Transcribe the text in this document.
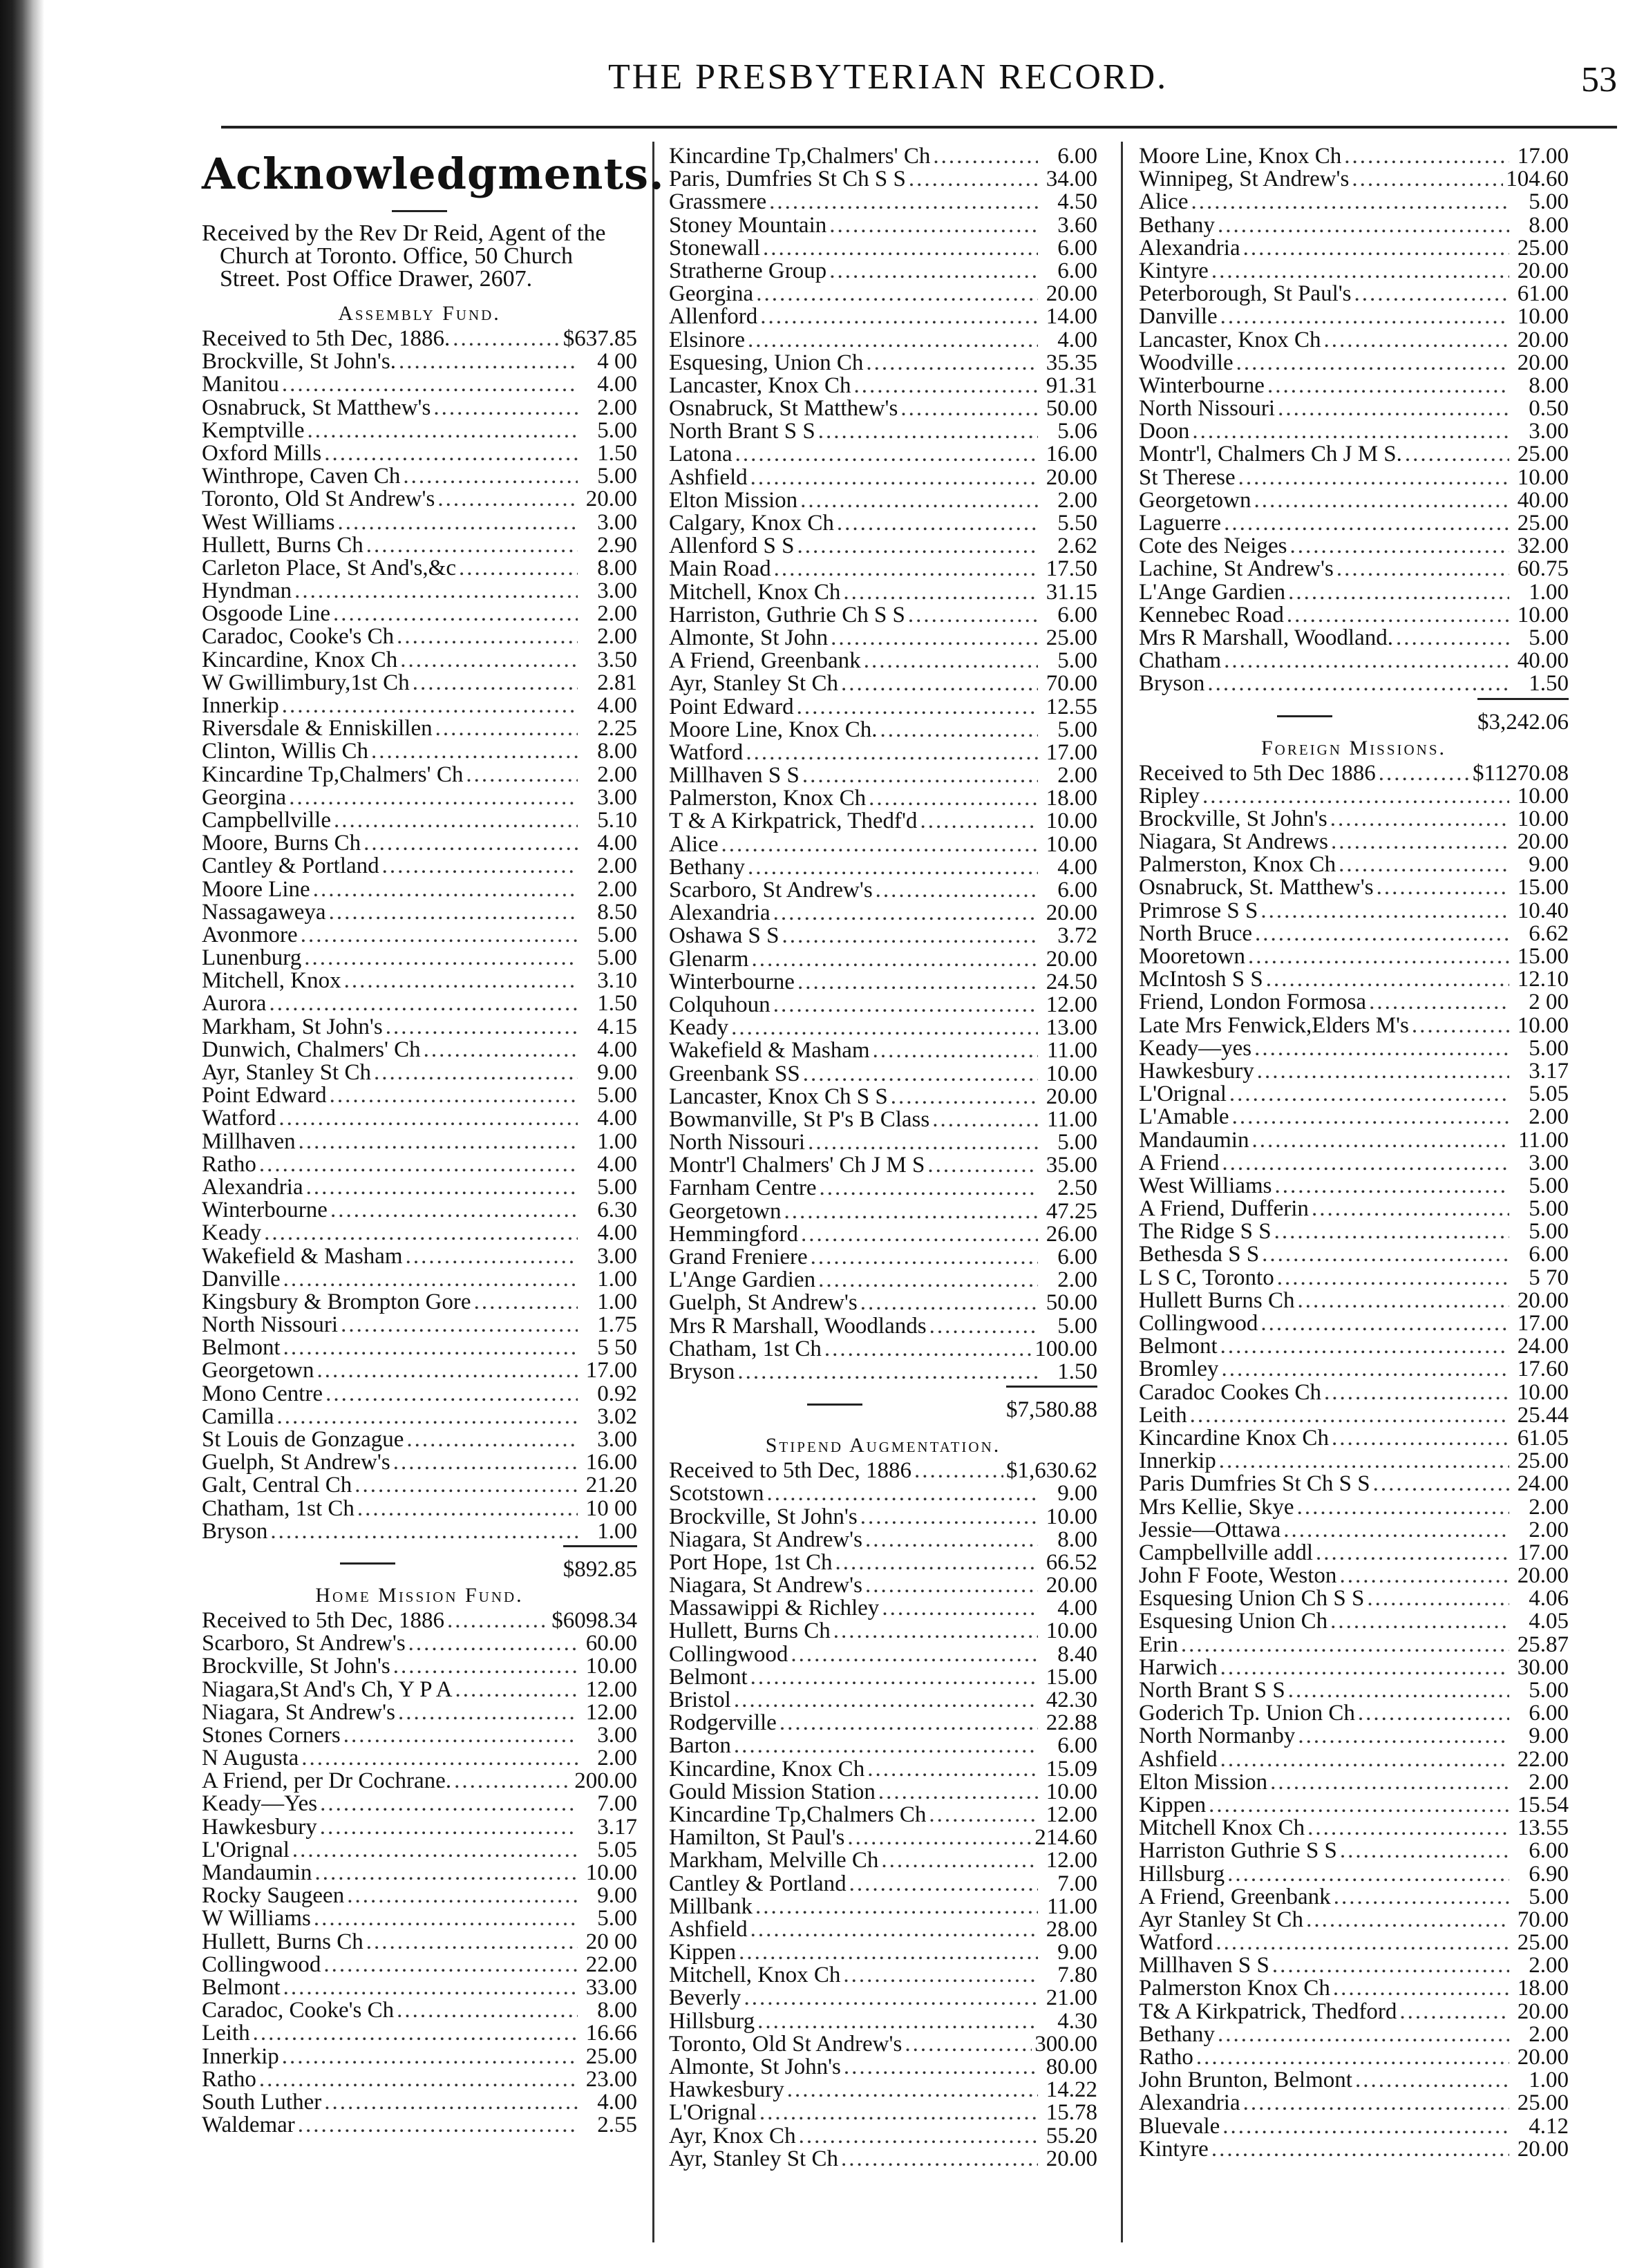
THE PRESBYTERIAN RECORD.	53
Acknowledgments.
Received by the Rev Dr Reid, Agent of the Church at Toronto. Office, 50 Church Street. Post Office Drawer, 2607.
Assembly Fund.
Received to 5th Dec, 1886. .....	$637.85
Brockville, St John's. .....	4 00
Manitou .....	4.00
Osnabruck, St Matthew's .....	2.00
Kemptville .....	5.00
Oxford Mills .....	1.50
Winthrope, Caven Ch .....	5.00
Toronto, Old St Andrew's .....	20.00
West Williams .....	3.00
Hullett, Burns Ch .....	2.90
Carleton Place, St And's,&c .....	8.00
Hyndman .....	3.00
Osgoode Line .....	2.00
Caradoc, Cooke's Ch .....	2.00
Kincardine, Knox Ch .....	3.50
W Gwillimbury,1st Ch .....	2.81
Innerkip .....	4.00
Riversdale & Enniskillen .....	2.25
Clinton, Willis Ch .....	8.00
Kincardine Tp,Chalmers' Ch .....	2.00
Georgina .....	3.00
Campbellville .....	5.10
Moore, Burns Ch .....	4.00
Cantley & Portland .....	2.00
Moore Line .....	2.00
Nassagaweya .....	8.50
Avonmore .....	5.00
Lunenburg .....	5.00
Mitchell, Knox .....	3.10
Aurora .....	1.50
Markham, St John's .....	4.15
Dunwich, Chalmers' Ch .....	4.00
Ayr, Stanley St Ch .....	9.00
Point Edward .....	5.00
Watford .....	4.00
Millhaven .....	1.00
Ratho .....	4.00
Alexandria .....	5.00
Winterbourne .....	6.30
Keady .....	4.00
Wakefield & Masham .....	3.00
Danville .....	1.00
Kingsbury & Brompton Gore .....	1.00
North Nissouri .....	1.75
Belmont .....	5 50
Georgetown .....	17.00
Mono Centre .....	0.92
Camilla .....	3.02
St Louis de Gonzague .....	3.00
Guelph, St Andrew's .....	16.00
Galt, Central Ch .....	21.20
Chatham, 1st Ch .....	10 00
Bryson .....	1.00
$892.85
Home Mission Fund.
Received to 5th Dec, 1886 .....	$6098.34
Scarboro, St Andrew's .....	60.00
Brockville, St John's .....	10.00
Niagara,St And's Ch, Y P A .....	12.00
Niagara, St Andrew's .....	12.00
Stones Corners .....	3.00
N Augusta .....	2.00
A Friend, per Dr Cochrane. .....	200.00
Keady—Yes .....	7.00
Hawkesbury .....	3.17
L'Orignal .....	5.05
Mandaumin .....	10.00
Rocky Saugeen .....	9.00
W Williams .....	5.00
Hullett, Burns Ch .....	20 00
Collingwood .....	22.00
Belmont .....	33.00
Caradoc, Cooke's Ch .....	8.00
Leith .....	16.66
Innerkip .....	25.00
Ratho .....	23.00
South Luther .....	4.00
Waldemar .....	2.55
Kincardine Tp,Chalmers' Ch .....	6.00
Paris, Dumfries St Ch S S .....	34.00
Grassmere .....	4.50
Stoney Mountain .....	3.60
Stonewall .....	6.00
Stratherne Group .....	6.00
Georgina .....	20.00
Allenford .....	14.00
Elsinore .....	4.00
Esquesing, Union Ch .....	35.35
Lancaster, Knox Ch .....	91.31
Osnabruck, St Matthew's .....	50.00
North Brant S S .....	5.06
Latona .....	16.00
Ashfield .....	20.00
Elton Mission .....	2.00
Calgary, Knox Ch .....	5.50
Allenford S S .....	2.62
Main Road .....	17.50
Mitchell, Knox Ch .....	31.15
Harriston, Guthrie Ch S S .....	6.00
Almonte, St John .....	25.00
A Friend, Greenbank .....	5.00
Ayr, Stanley St Ch .....	70.00
Point Edward .....	12.55
Moore Line, Knox Ch. .....	5.00
Watford .....	17.00
Millhaven S S .....	2.00
Palmerston, Knox Ch .....	18.00
T & A Kirkpatrick, Thedf'd .....	10.00
Alice .....	10.00
Bethany .....	4.00
Scarboro, St Andrew's .....	6.00
Alexandria .....	20.00
Oshawa S S .....	3.72
Glenarm .....	20.00
Winterbourne .....	24.50
Colquhoun .....	12.00
Keady .....	13.00
Wakefield & Masham .....	11.00
Greenbank SS .....	10.00
Lancaster, Knox Ch S S .....	20.00
Bowmanville, St P's B Class .....	11.00
North Nissouri .....	5.00
Montr'l Chalmers' Ch J M S .....	35.00
Farnham Centre .....	2.50
Georgetown .....	47.25
Hemmingford .....	26.00
Grand Freniere .....	6.00
L'Ange Gardien .....	2.00
Guelph, St Andrew's .....	50.00
Mrs R Marshall, Woodlands .....	5.00
Chatham, 1st Ch .....	100.00
Bryson .....	1.50
$7,580.88
Stipend Augmentation.
Received to 5th Dec, 1886 .....	$1,630.62
Scotstown .....	9.00
Brockville, St John's .....	10.00
Niagara, St Andrew's .....	8.00
Port Hope, 1st Ch .....	66.52
Niagara, St Andrew's .....	20.00
Massawippi & Richley .....	4.00
Hullett, Burns Ch .....	10.00
Collingwood .....	8.40
Belmont .....	15.00
Bristol .....	42.30
Rodgerville .....	22.88
Barton .....	6.00
Kincardine, Knox Ch .....	15.09
Gould Mission Station .....	10.00
Kincardine Tp,Chalmers Ch .....	12.00
Hamilton, St Paul's .....	214.60
Markham, Melville Ch .....	12.00
Cantley & Portland .....	7.00
Millbank .....	11.00
Ashfield .....	28.00
Kippen .....	9.00
Mitchell, Knox Ch .....	7.80
Beverly .....	21.00
Hillsburg .....	4.30
Toronto, Old St Andrew's .....	300.00
Almonte, St John's .....	80.00
Hawkesbury .....	14.22
L'Orignal .....	15.78
Ayr, Knox Ch .....	55.20
Ayr, Stanley St Ch .....	20.00
Moore Line, Knox Ch .....	17.00
Winnipeg, St Andrew's .....	104.60
Alice .....	5.00
Bethany .....	8.00
Alexandria .....	25.00
Kintyre .....	20.00
Peterborough, St Paul's .....	61.00
Danville .....	10.00
Lancaster, Knox Ch .....	20.00
Woodville .....	20.00
Winterbourne .....	8.00
North Nissouri .....	0.50
Doon .....	3.00
Montr'l, Chalmers Ch J M S. .....	25.00
St Therese .....	10.00
Georgetown .....	40.00
Laguerre .....	25.00
Cote des Neiges .....	32.00
Lachine, St Andrew's .....	60.75
L'Ange Gardien .....	1.00
Kennebec Road .....	10.00
Mrs R Marshall, Woodland. .....	5.00
Chatham .....	40.00
Bryson .....	1.50
$3,242.06
Foreign Missions.
Received to 5th Dec 1886 .....	$11270.08
Ripley .....	10.00
Brockville, St John's .....	10.00
Niagara, St Andrews .....	20.00
Palmerston, Knox Ch .....	9.00
Osnabruck, St. Matthew's .....	15.00
Primrose S S .....	10.40
North Bruce .....	6.62
Mooretown .....	15.00
McIntosh S S .....	12.10
Friend, London Formosa .....	2 00
Late Mrs Fenwick,Elders M's .....	10.00
Keady—yes .....	5.00
Hawkesbury .....	3.17
L'Orignal .....	5.05
L'Amable .....	2.00
Mandaumin .....	11.00
A Friend .....	3.00
West Williams .....	5.00
A Friend, Dufferin .....	5.00
The Ridge S S .....	5.00
Bethesda S S .....	6.00
L S C, Toronto .....	5 70
Hullett Burns Ch .....	20.00
Collingwood .....	17.00
Belmont .....	24.00
Bromley .....	17.60
Caradoc Cookes Ch .....	10.00
Leith .....	25.44
Kincardine Knox Ch .....	61.05
Innerkip .....	25.00
Paris Dumfries St Ch S S .....	24.00
Mrs Kellie, Skye .....	2.00
Jessie—Ottawa .....	2.00
Campbellville addl .....	17.00
John F Foote, Weston .....	20.00
Esquesing Union Ch S S .....	4.06
Esquesing Union Ch .....	4.05
Erin .....	25.87
Harwich .....	30.00
North Brant S S .....	5.00
Goderich Tp. Union Ch .....	6.00
North Normanby .....	9.00
Ashfield .....	22.00
Elton Mission .....	2.00
Kippen .....	15.54
Mitchell Knox Ch .....	13.55
Harriston Guthrie S S .....	6.00
Hillsburg .....	6.90
A Friend, Greenbank .....	5.00
Ayr Stanley St Ch .....	70.00
Watford .....	25.00
Millhaven S S .....	2.00
Palmerston Knox Ch .....	18.00
T& A Kirkpatrick, Thedford .....	20.00
Bethany .....	2.00
Ratho .....	20.00
John Brunton, Belmont .....	1.00
Alexandria .....	25.00
Bluevale .....	4.12
Kintyre .....	20.00
